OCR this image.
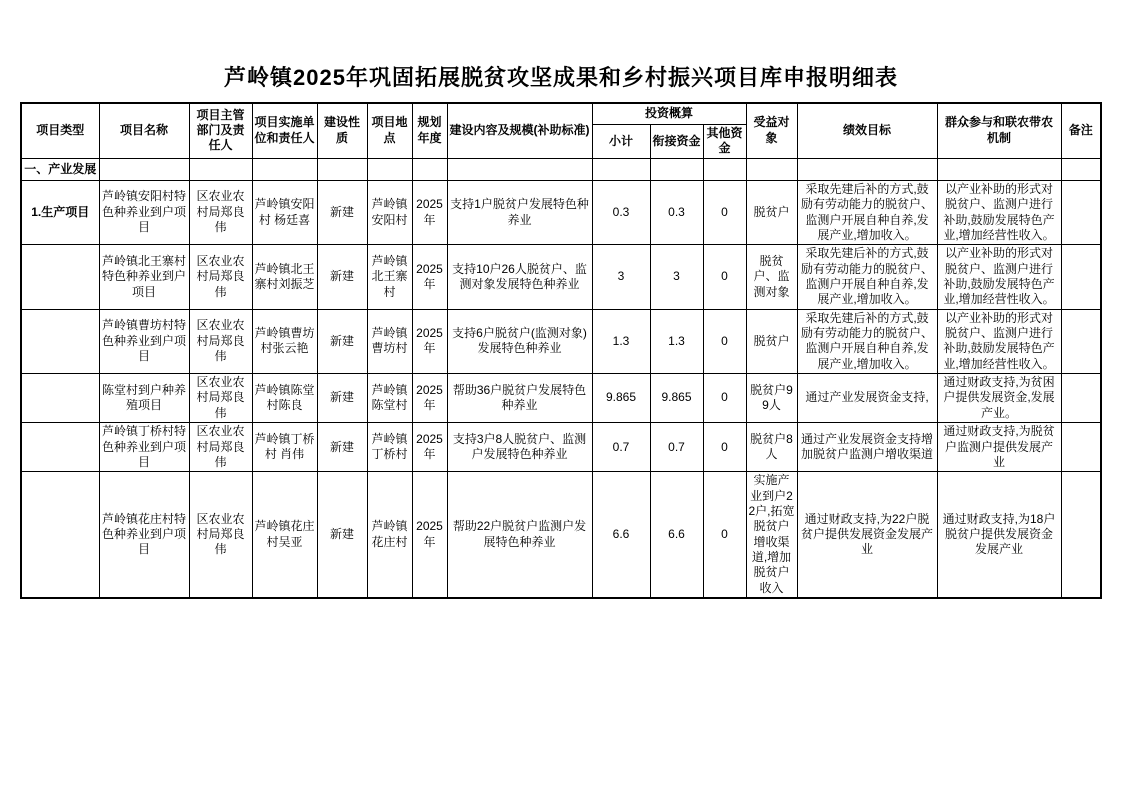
芦岭镇2025年巩固拓展脱贫攻坚成果和乡村振兴项目库申报明细表
项目类型	项目名称	项目主管部门及责任人	项目实施单位和责任人	建设性质	项目地点	规划年度	建设内容及规模(补助标准)	投资概算			受益对象	绩效目标	群众参与和联农带农机制	备注
								小计	衔接资金	其他资金				
一、产业发展														
1.生产项目	芦岭镇安阳村特色种养业到户项目	区农业农村局郑良伟	芦岭镇安阳村 杨廷喜	新建	芦岭镇安阳村	2025年	支持1户脱贫户发展特色种养业	0.3	0.3	0	脱贫户	采取先建后补的方式,鼓励有劳动能力的脱贫户、监测户开展自种自养,发展产业,增加收入。	以产业补助的形式对脱贫户、监测户进行补助,鼓励发展特色产业,增加经营性收入。	
	芦岭镇北王寨村特色种养业到户项目	区农业农村局郑良伟	芦岭镇北王寨村刘振芝	新建	芦岭镇北王寨村	2025年	支持10户26人脱贫户、监测对象发展特色种养业	3	3	0	脱贫户、监测对象	采取先建后补的方式,鼓励有劳动能力的脱贫户、监测户开展自种自养,发展产业,增加收入。	以产业补助的形式对脱贫户、监测户进行补助,鼓励发展特色产业,增加经营性收入。	
	芦岭镇曹坊村特色种养业到户项目	区农业农村局郑良伟	芦岭镇曹坊村张云艳	新建	芦岭镇曹坊村	2025年	支持6户脱贫户(监测对象)发展特色种养业	1.3	1.3	0	脱贫户	采取先建后补的方式,鼓励有劳动能力的脱贫户、监测户开展自种自养,发展产业,增加收入。	以产业补助的形式对脱贫户、监测户进行补助,鼓励发展特色产业,增加经营性收入。	
	陈堂村到户种养殖项目	区农业农村局郑良伟	芦岭镇陈堂村陈良	新建	芦岭镇陈堂村	2025年	帮助36户脱贫户发展特色种养业	9.865	9.865	0	脱贫户99人	通过产业发展资金支持,	通过财政支持,为贫困户提供发展资金,发展产业。	
	芦岭镇丁桥村特色种养业到户项目	区农业农村局郑良伟	芦岭镇丁桥村 肖伟	新建	芦岭镇丁桥村	2025年	支持3户8人脱贫户、监测户发展特色种养业	0.7	0.7	0	脱贫户8人	通过产业发展资金支持增加脱贫户监测户增收渠道	通过财政支持,为脱贫户监测户提供发展产业	
	芦岭镇花庄村特色种养业到户项目	区农业农村局郑良伟	芦岭镇花庄村吴亚	新建	芦岭镇花庄村	2025年	帮助22户脱贫户监测户发展特色种养业	6.6	6.6	0	实施产业到户22户,拓宽脱贫户增收渠道,增加脱贫户收入	通过财政支持,为22户脱贫户提供发展资金发展产业	通过财政支持,为18户脱贫户提供发展资金发展产业	
